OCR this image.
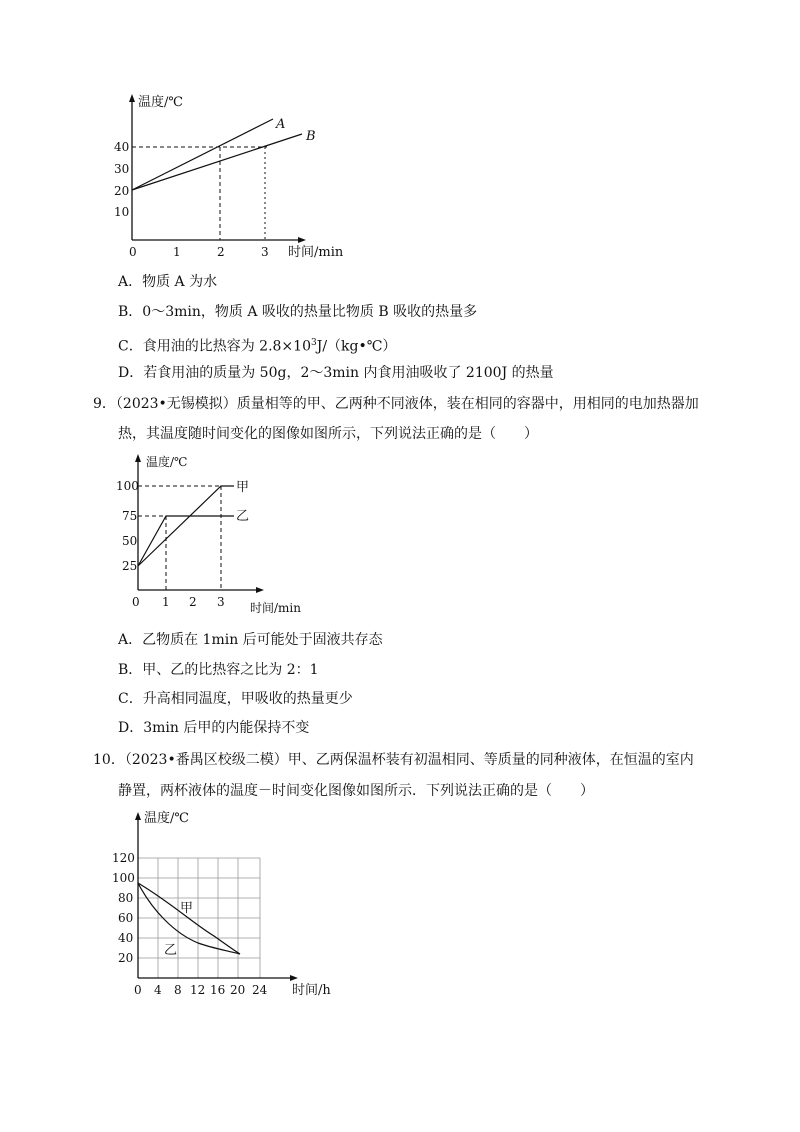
A
B
温度/℃
时间/min
10
20
30
40
0	1	2	3
A．物质 A 为水
B．0～3min，物质 A 吸收的热量比物质 B 吸收的热量多
C．食用油的比热容为 $2.8\times 10^3J/(kg•℃)$
D．若食用油的质量为 50g，2～3min 内食用油吸收了 2100J 的热量
9．（2023•无锡模拟）质量相等的甲、乙两种不同液体，装在相同的容器中，用相同的电加热器加
热，其温度随时间变化的图像如图所示，下列说法正确的是（　　）
甲
乙
温度/℃
时间/min
25
50
75
100
0 1 2 3
A．乙物质在 1min 后可能处于固液共存态
B．甲、乙的比热容之比为 2：1
C．升高相同温度，甲吸收的热量更少
D．3min 后甲的内能保持不变
10．（2023•番禺区校级二模）甲、乙两保温杯装有初温相同、等质量的同种液体，在恒温的室内
静置，两杯液体的温度－时间变化图像如图所示．下列说法正确的是（　　）
甲
乙
温度/℃
时间/h
20
40
60
80
100
120
0 4 8 12 16 20 24
